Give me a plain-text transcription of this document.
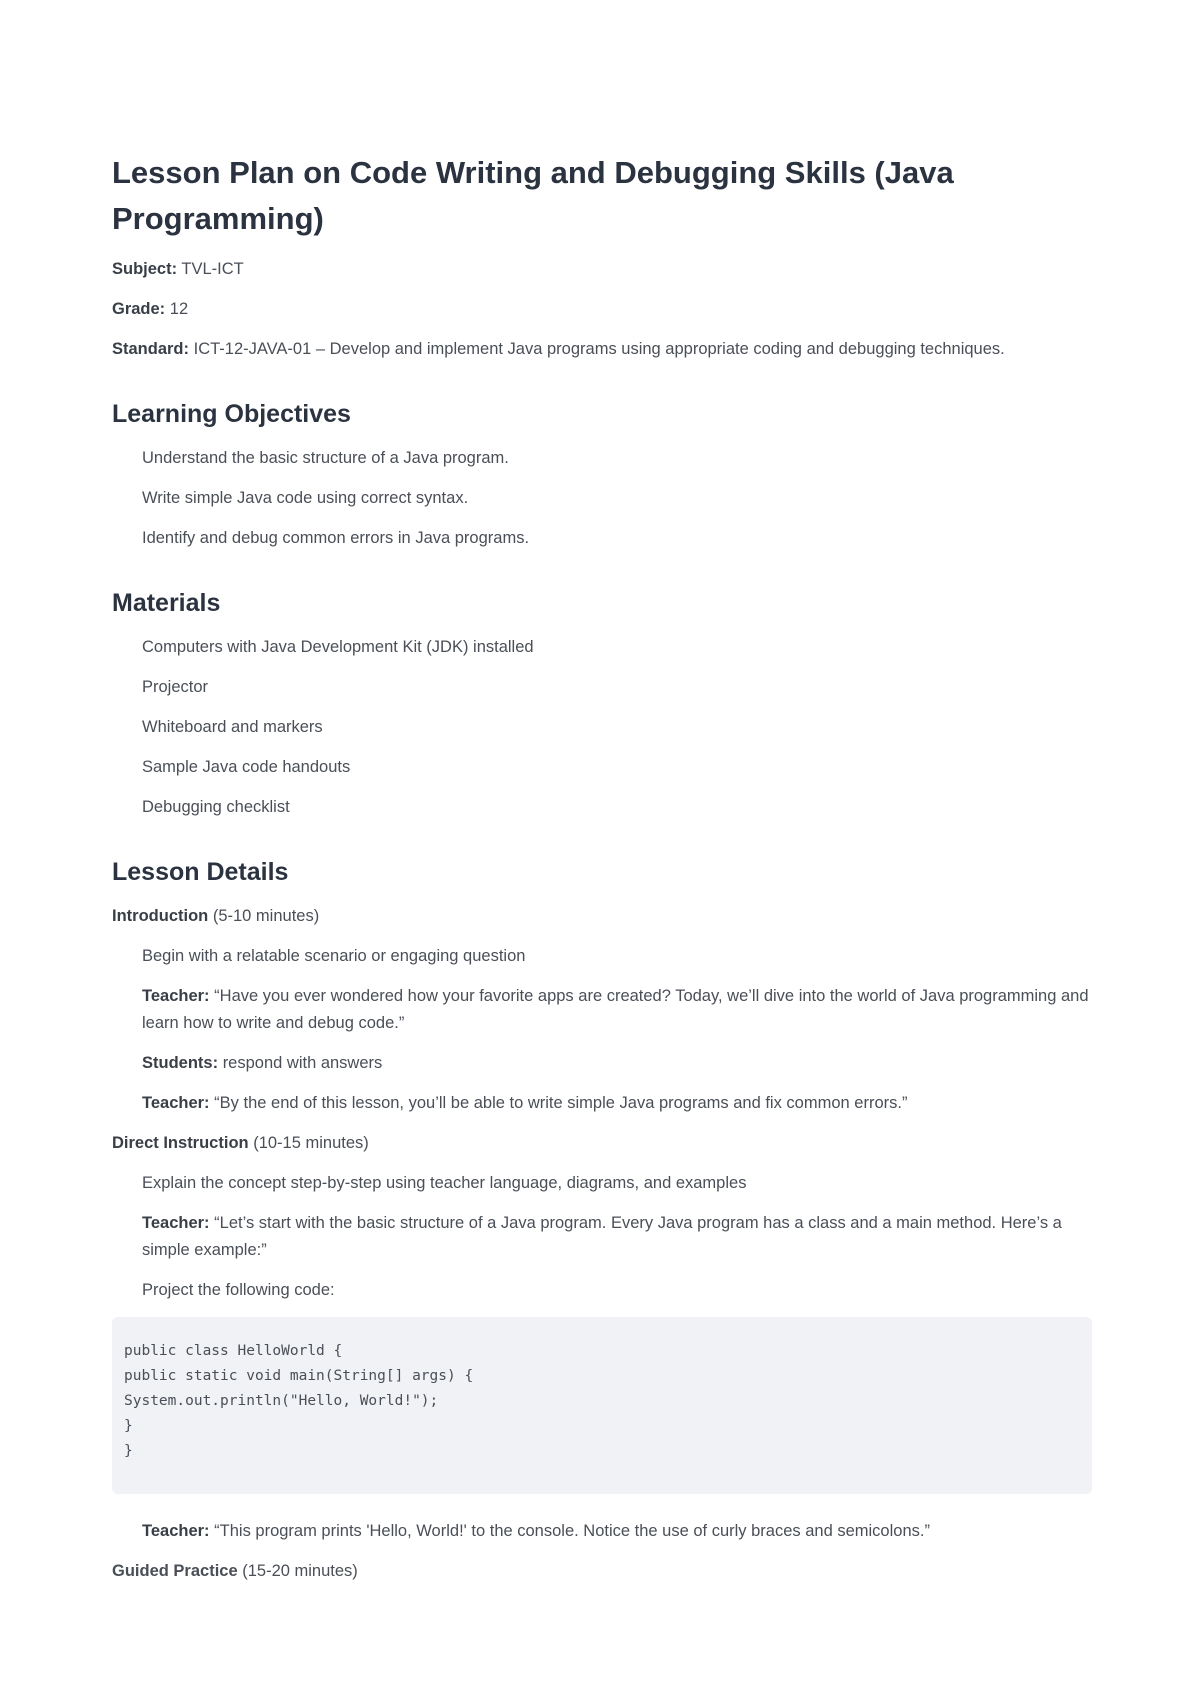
Lesson Plan on Code Writing and Debugging Skills (Java Programming)

Subject: TVL-ICT

Grade: 12

Standard: ICT-12-JAVA-01 – Develop and implement Java programs using appropriate coding and debugging techniques.

Learning Objectives

Understand the basic structure of a Java program.

Write simple Java code using correct syntax.

Identify and debug common errors in Java programs.

Materials

Computers with Java Development Kit (JDK) installed

Projector

Whiteboard and markers

Sample Java code handouts

Debugging checklist

Lesson Details

Introduction (5-10 minutes)

Begin with a relatable scenario or engaging question

Teacher: “Have you ever wondered how your favorite apps are created? Today, we’ll dive into the world of Java programming and learn how to write and debug code.”

Students: respond with answers

Teacher: “By the end of this lesson, you’ll be able to write simple Java programs and fix common errors.”

Direct Instruction (10-15 minutes)

Explain the concept step-by-step using teacher language, diagrams, and examples

Teacher: “Let’s start with the basic structure of a Java program. Every Java program has a class and a main method. Here’s a simple example:”

Project the following code:

public class HelloWorld {
public static void main(String[] args) {
System.out.println("Hello, World!");
}
}

Teacher: “This program prints 'Hello, World!' to the console. Notice the use of curly braces and semicolons.”

Guided Practice (15-20 minutes)
